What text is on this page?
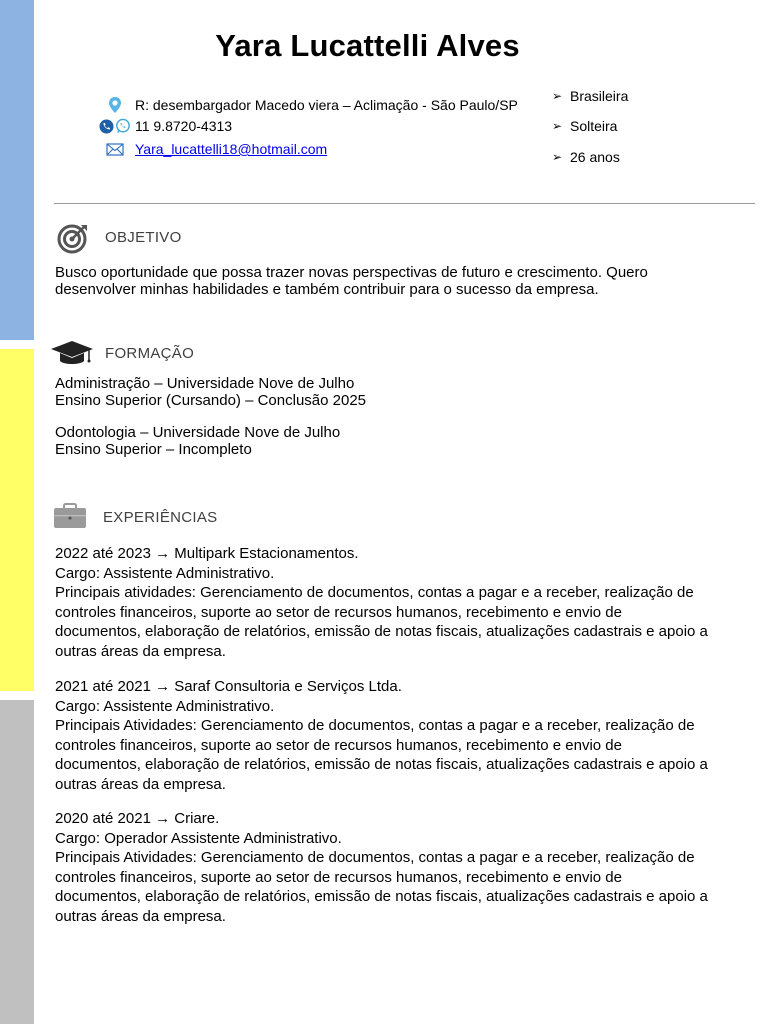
Yara Lucattelli Alves
R: desembargador Macedo viera – Aclimação - São Paulo/SP
11 9.8720-4313
Yara_lucattelli18@hotmail.com
➢ Brasileira
➢ Solteira
➢ 26 anos
OBJETIVO
Busco oportunidade que possa trazer novas perspectivas de futuro e crescimento. Quero
desenvolver minhas habilidades e também contribuir para o sucesso da empresa.
FORMAÇÃO
Administração – Universidade Nove de Julho
Ensino Superior (Cursando) – Conclusão 2025
Odontologia – Universidade Nove de Julho
Ensino Superior – Incompleto
EXPERIÊNCIAS
2022 até 2023 → Multipark Estacionamentos.
Cargo: Assistente Administrativo.
Principais atividades: Gerenciamento de documentos, contas a pagar e a receber, realização de
controles financeiros, suporte ao setor de recursos humanos, recebimento e envio de
documentos, elaboração de relatórios, emissão de notas fiscais, atualizações cadastrais e apoio a
outras áreas da empresa.
2021 até 2021 → Saraf Consultoria e Serviços Ltda.
Cargo: Assistente Administrativo.
Principais Atividades: Gerenciamento de documentos, contas a pagar e a receber, realização de
controles financeiros, suporte ao setor de recursos humanos, recebimento e envio de
documentos, elaboração de relatórios, emissão de notas fiscais, atualizações cadastrais e apoio a
outras áreas da empresa.
2020 até 2021 → Criare.
Cargo: Operador Assistente Administrativo.
Principais Atividades: Gerenciamento de documentos, contas a pagar e a receber, realização de
controles financeiros, suporte ao setor de recursos humanos, recebimento e envio de
documentos, elaboração de relatórios, emissão de notas fiscais, atualizações cadastrais e apoio a
outras áreas da empresa.
